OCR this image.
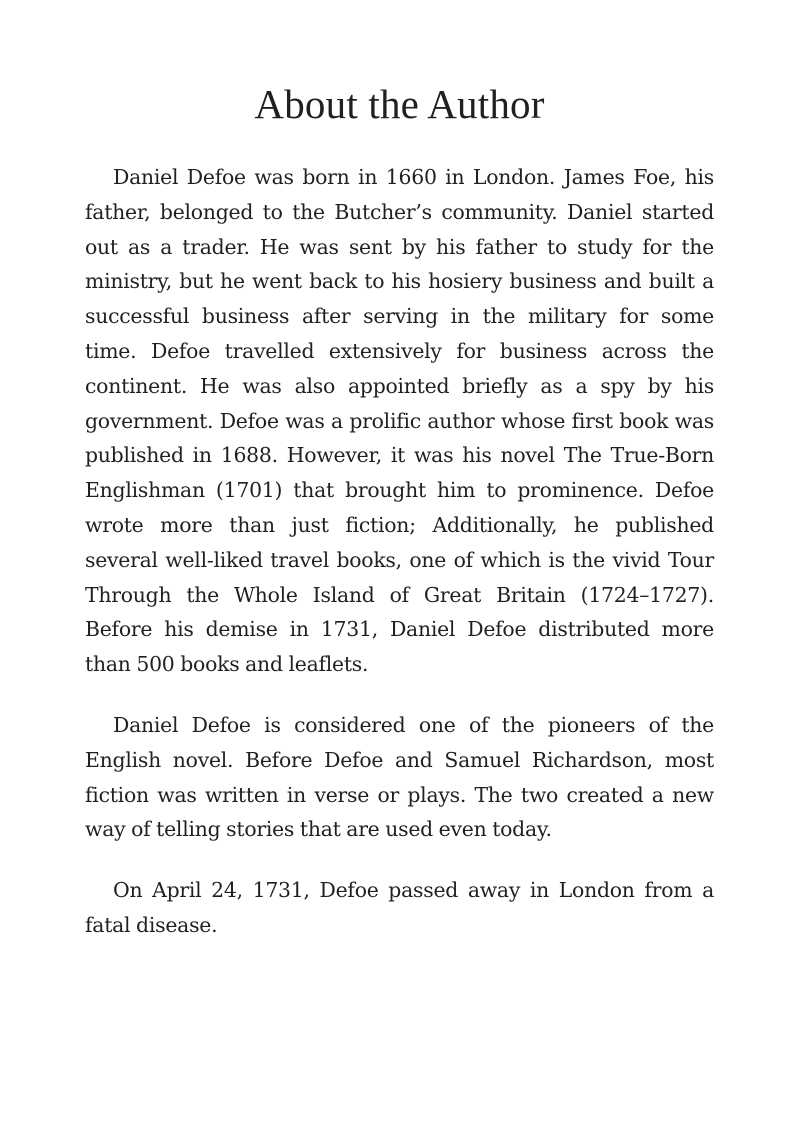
About the Author

Daniel Defoe was born in 1660 in London. James Foe, his father, belonged to the Butcher’s community. Daniel started out as a trader. He was sent by his father to study for the ministry, but he went back to his hosiery business and built a successful business after serving in the military for some time. Defoe travelled extensively for business across the continent. He was also appointed briefly as a spy by his government. Defoe was a prolific author whose first book was published in 1688. However, it was his novel The True-Born Englishman (1701) that brought him to prominence. Defoe wrote more than just fiction; Additionally, he published several well-liked travel books, one of which is the vivid Tour Through the Whole Island of Great Britain (1724–1727). Before his demise in 1731, Daniel Defoe distributed more than 500 books and leaflets.

Daniel Defoe is considered one of the pioneers of the English novel. Before Defoe and Samuel Richardson, most fiction was written in verse or plays. The two created a new way of telling stories that are used even today.

On April 24, 1731, Defoe passed away in London from a fatal disease.
